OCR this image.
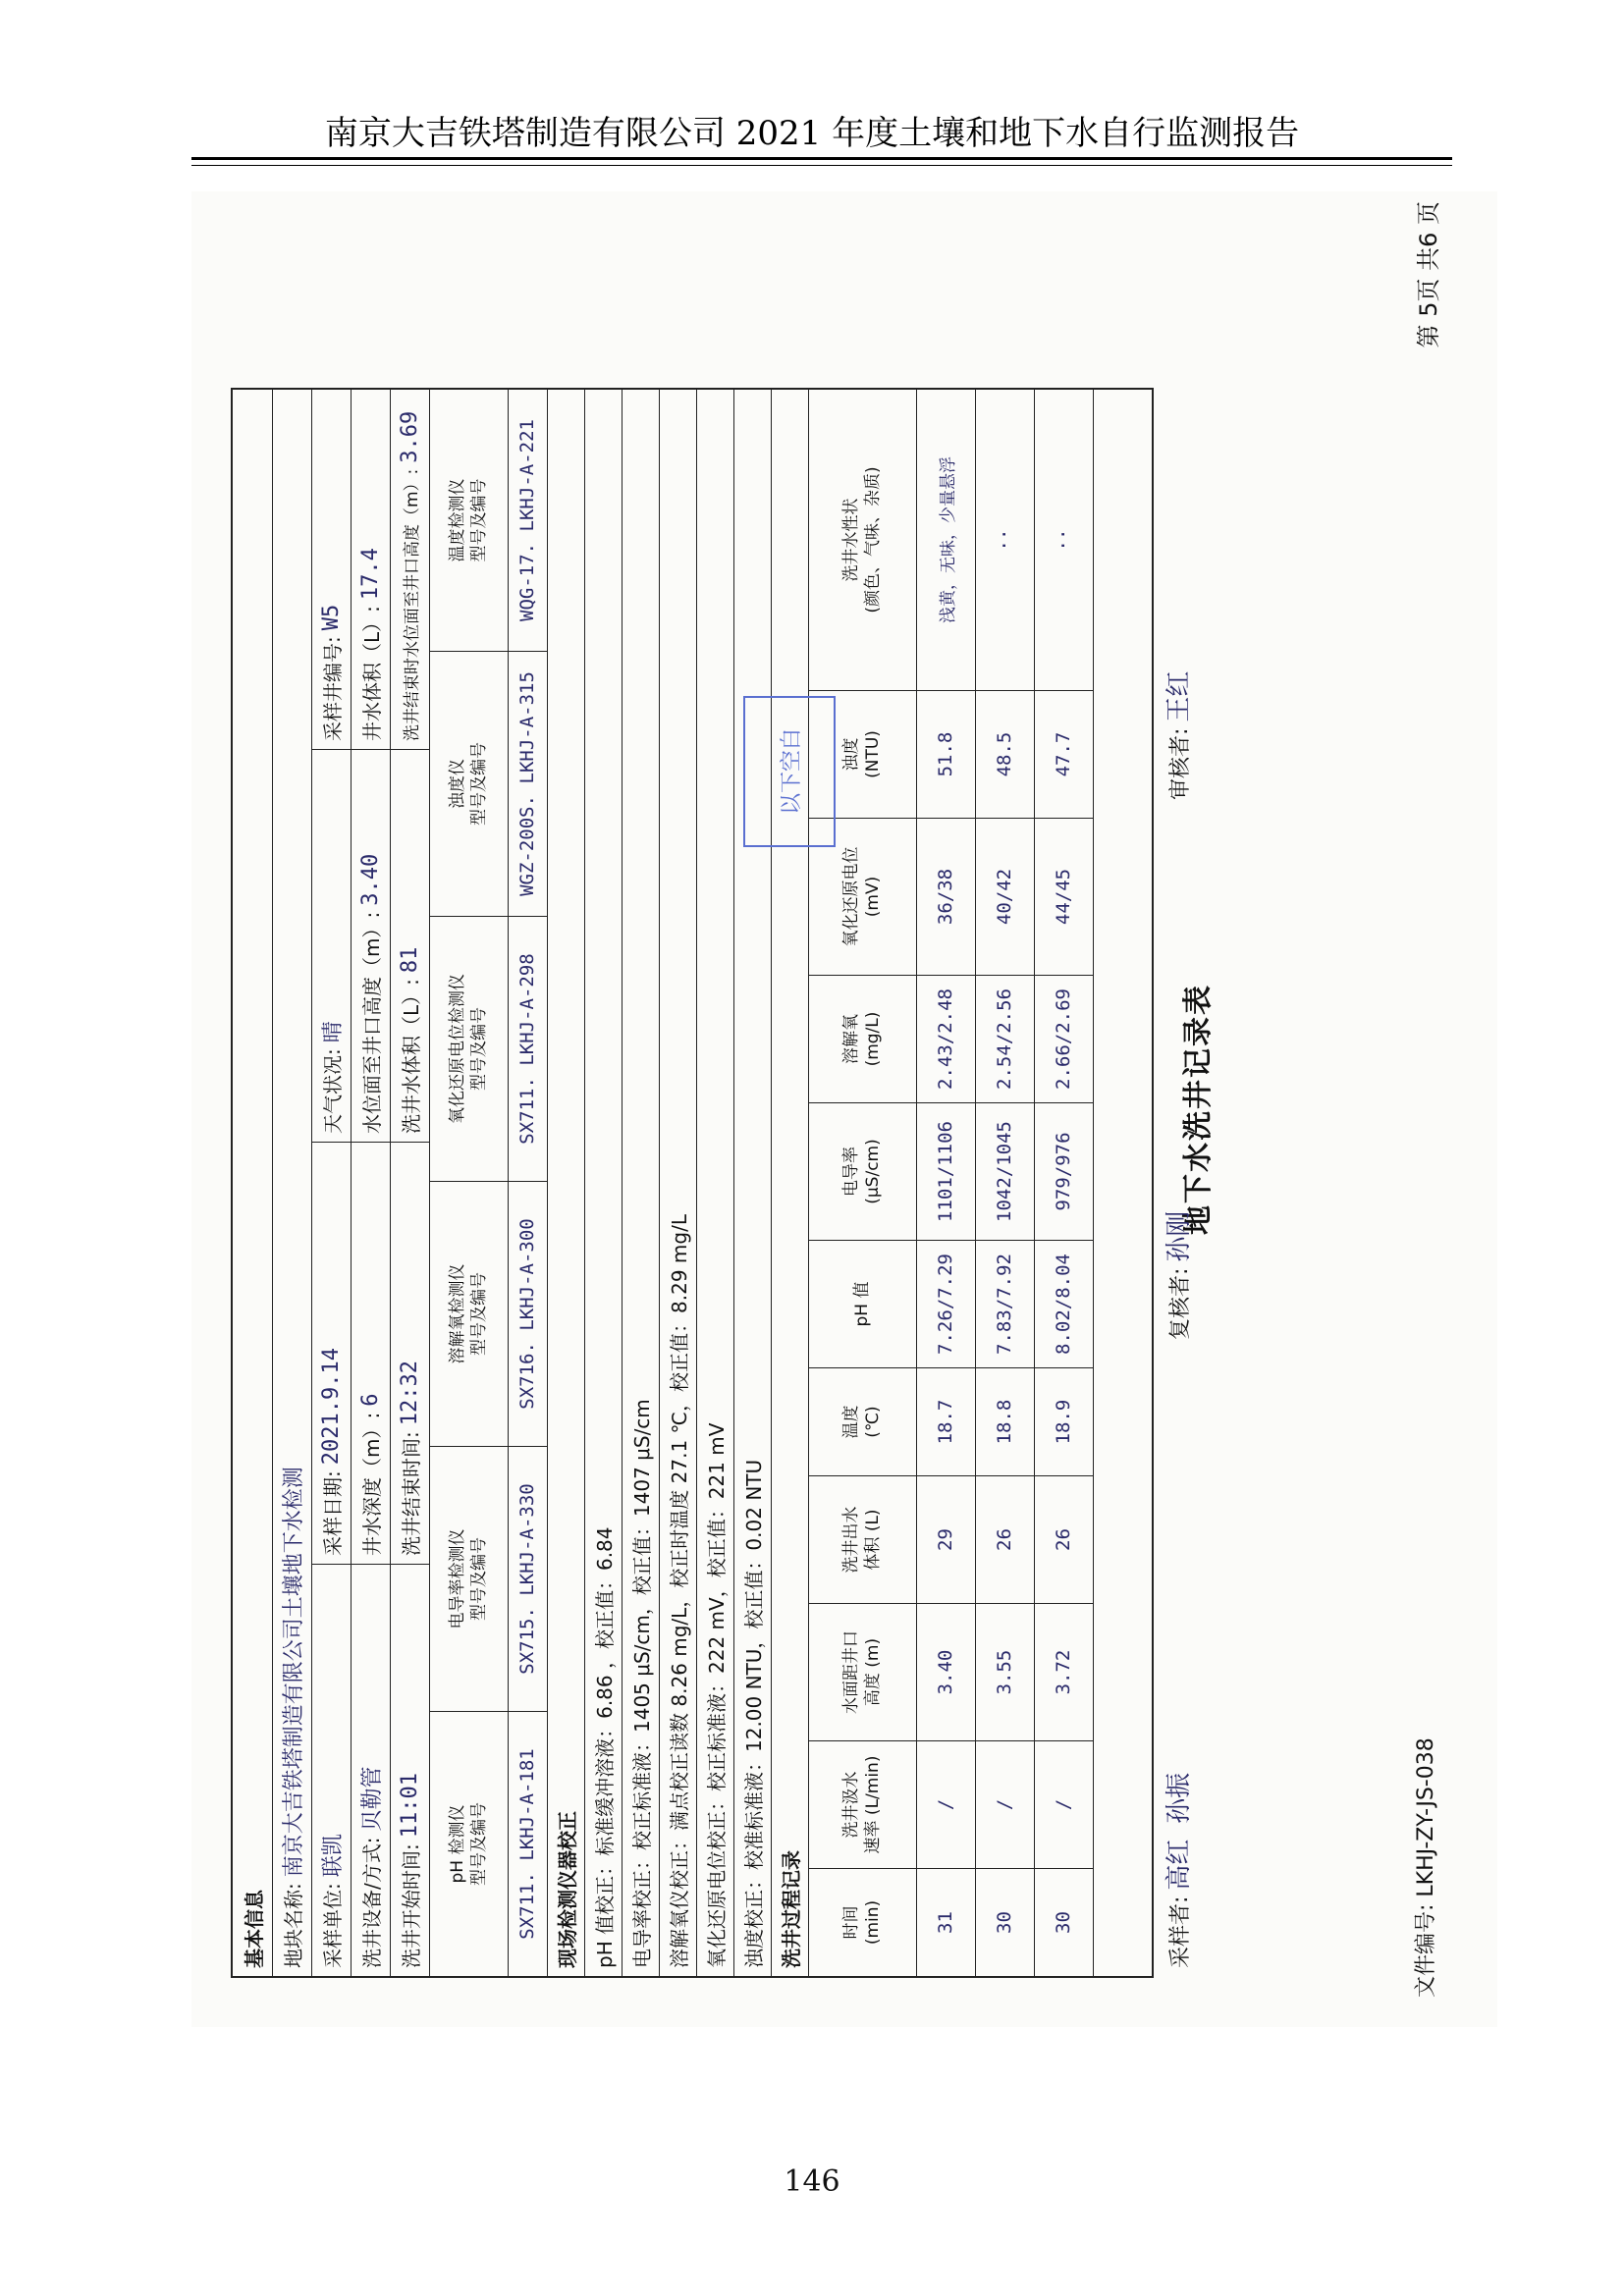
南京大吉铁塔制造有限公司 2021 年度土壤和地下水自行监测报告
文件编号: LKHJ-ZY-JS-038
地下水洗井记录表
第 5页 共6 页
基本信息 地块名称:
南京大吉铁塔制造有限公司土壤地下水检测
采样单位:
联凯
采样日期:
2021.9.14
天气状况:
晴
采样井编号:
W5
洗井设备/方式:
贝勒管
井水深度（m）:
6
水位面至井口高度（m）:
3.40
井水体积（L）:
17.4
洗井开始时间:
11:01
洗井结束时间:
12:32
洗井水体积（L）:
81
洗井结束时水位面至井口高度（m）:
3.69
pH 检测仪 型号及编号
电导率检测仪 型号及编号
溶解氧检测仪 型号及编号
氧化还原电位检测仪 型号及编号
浊度仪 型号及编号
温度检测仪 型号及编号
SX711. LKHJ-A-181
SX715. LKHJ-A-330
SX716. LKHJ-A-300
SX711. LKHJ-A-298
WGZ-200S. LKHJ-A-315
WQG-17. LKHJ-A-221
现场检测仪器校正 pH 值校正：标准缓冲溶液：6.86 ，校正值：6.84 电导率校正：校正标准液：1405 μS/cm，校正值：1407 μS/cm 溶解氧仪校正：满点校正读数 8.26 mg/L，校正时温度 27.1 ℃，校正值：8.29 mg/L 氧化还原电位校正：校正标准液：222 mV，校正值：221 mV 浊度校正：校准标准液：12.00 NTU，校正值：0.02 NTU 洗井过程记录	时间 (min)
洗井汲水 速率 (L/min)
水面距井口 高度 (m)
洗井出水 体积 (L)
温度 (℃)
pH 值
电导率 (μS/cm)
溶解氧 (mg/L)
氧化还原电位 (mV)
浊度 (NTU)
洗井水性状 (颜色、气味、杂质)
31
/
3.40
29
18.7
7.26/7.29
1101/1106
2.43/2.48
36/38
51.8
浅黄，无味，少量悬浮
30
/
3.55
26
18.8
7.83/7.92
1042/1045
2.54/2.56
40/42
48.5
··
30
/
3.72
26
18.9
8.02/8.04
979/976
2.66/2.69
44/45
47.7
··
以下空白
采样者:高红 孙振
复核者:孙刚
审核者:王红
146
